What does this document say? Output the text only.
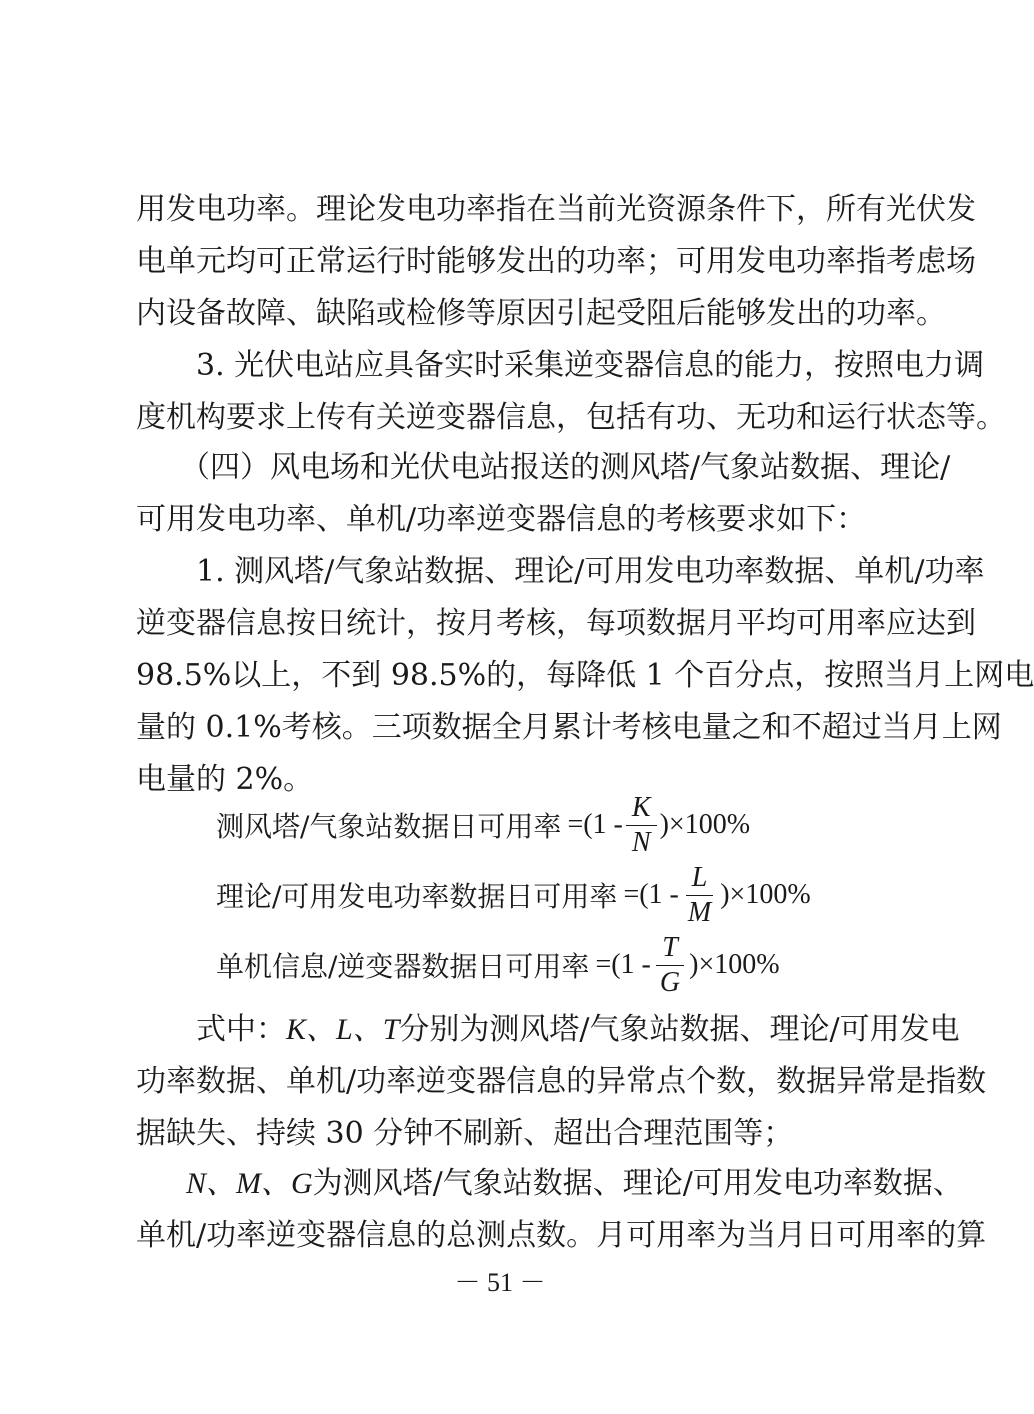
用发电功率。理论发电功率指在当前光资源条件下，所有光伏发
电单元均可正常运行时能够发出的功率；可用发电功率指考虑场
内设备故障、缺陷或检修等原因引起受阻后能够发出的功率。
3. 光伏电站应具备实时采集逆变器信息的能力，按照电力调
度机构要求上传有关逆变器信息，包括有功、无功和运行状态等。
（四）风电场和光伏电站报送的测风塔/气象站数据、理论/
可用发电功率、单机/功率逆变器信息的考核要求如下：
1. 测风塔/气象站数据、理论/可用发电功率数据、单机/功率
逆变器信息按日统计，按月考核，每项数据月平均可用率应达到
98.5%以上，不到 98.5%的，每降低 1 个百分点，按照当月上网电
量的 0.1%考核。三项数据全月累计考核电量之和不超过当月上网
电量的 2%。
测风塔/气象站数据日可用率 $=(1 - \frac{K}{N} )\times 100\%$
理论/可用发电功率数据日可用率 $=(1 - \frac{L}{M} )\times 100\%$
单机信息/逆变器数据日可用率 $=(1 - \frac{T}{G} )\times 100\%$
式中：K、L、T分别为测风塔/气象站数据、理论/可用发电
功率数据、单机/功率逆变器信息的异常点个数，数据异常是指数
据缺失、持续 30 分钟不刷新、超出合理范围等；
N、M、G为测风塔/气象站数据、理论/可用发电功率数据、
单机/功率逆变器信息的总测点数。月可用率为当月日可用率的算
－ 51 －
